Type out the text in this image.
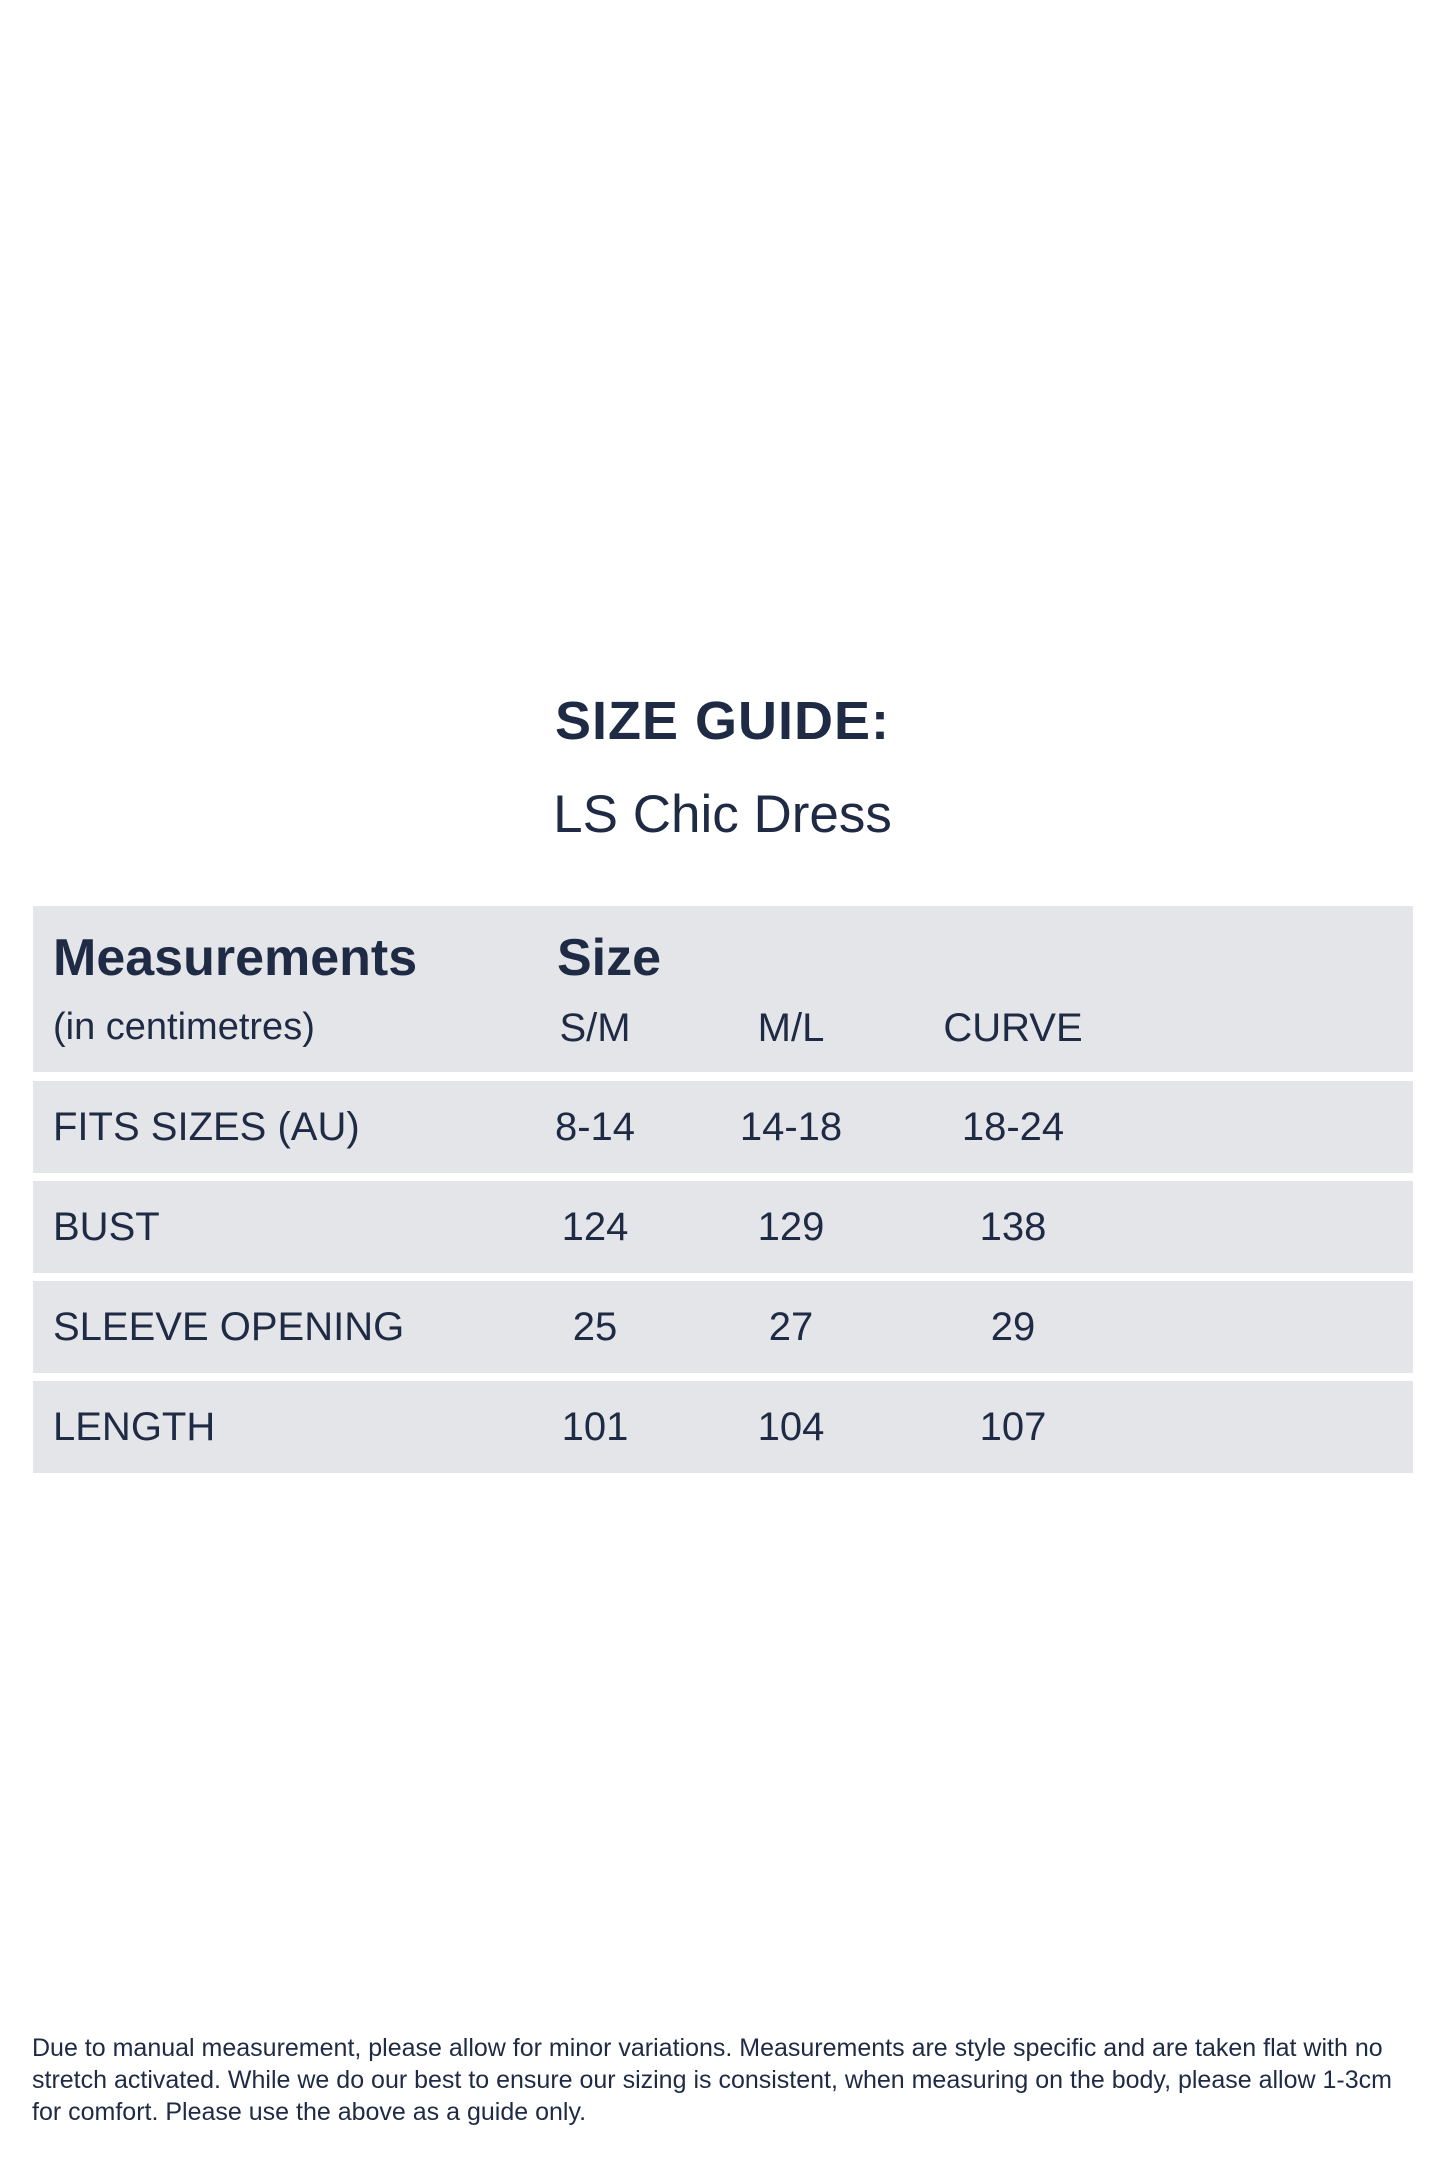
SIZE GUIDE:
LS Chic Dress
Measurements
(in centimetres)
Size
S/M	M/L	CURVE
FITS SIZES (AU)	8-14	14-18	18-24
BUST	124	129	138
SLEEVE OPENING	25	27	29
LENGTH	101	104	107
Due to manual measurement, please allow for minor variations. Measurements are style specific and are taken flat with no stretch activated. While we do our best to ensure our sizing is consistent, when measuring on the body, please allow 1-3cm for comfort. Please use the above as a guide only.
